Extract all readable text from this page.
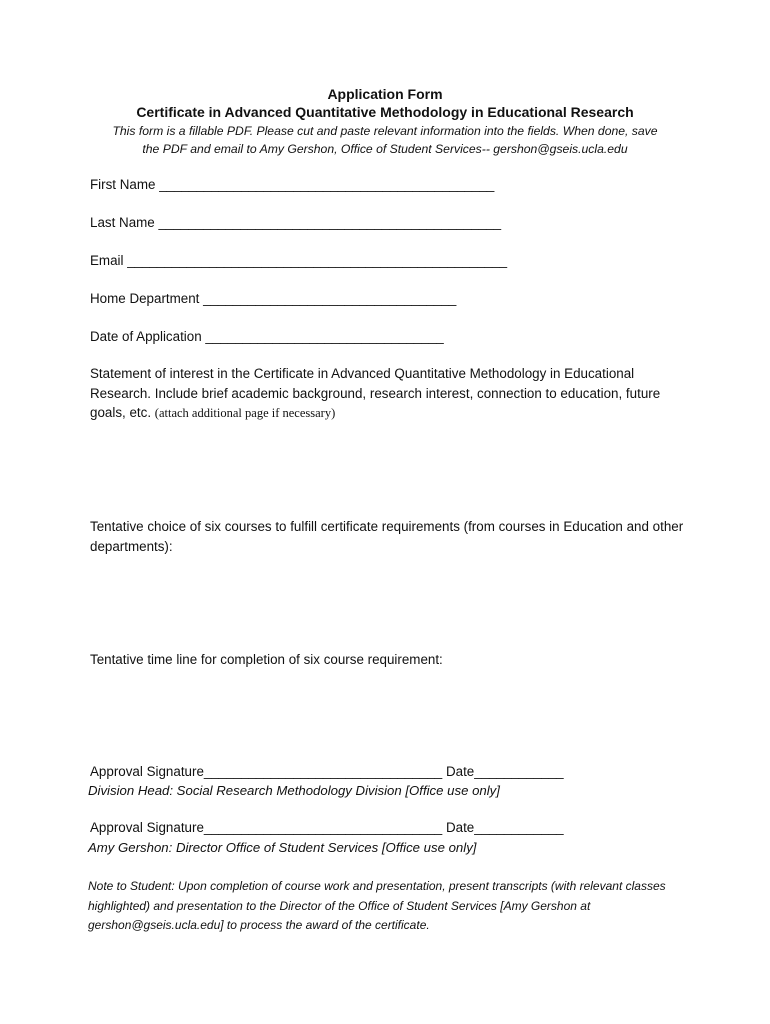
Application Form
Certificate in Advanced Quantitative Methodology in Educational Research
This form is a fillable PDF. Please cut and paste relevant information into the fields. When done, save
the PDF and email to Amy Gershon, Office of Student Services-- gershon@gseis.ucla.edu
First Name _____________________________________________
Last Name ______________________________________________
Email ___________________________________________________
Home Department __________________________________
Date of Application ________________________________
Statement of interest in the Certificate in Advanced Quantitative Methodology in Educational Research. Include brief academic background, research interest, connection to education, future goals, etc. (attach additional page if necessary)
Tentative choice of six courses to fulfill certificate requirements (from courses in Education and other departments):
Tentative time line for completion of six course requirement:
Approval Signature________________________________ Date____________
Division Head: Social Research Methodology Division [Office use only]
Approval Signature________________________________ Date____________
Amy Gershon: Director Office of Student Services [Office use only]
Note to Student: Upon completion of course work and presentation, present transcripts (with relevant classes highlighted) and presentation to the Director of the Office of Student Services [Amy Gershon at gershon@gseis.ucla.edu] to process the award of the certificate.
